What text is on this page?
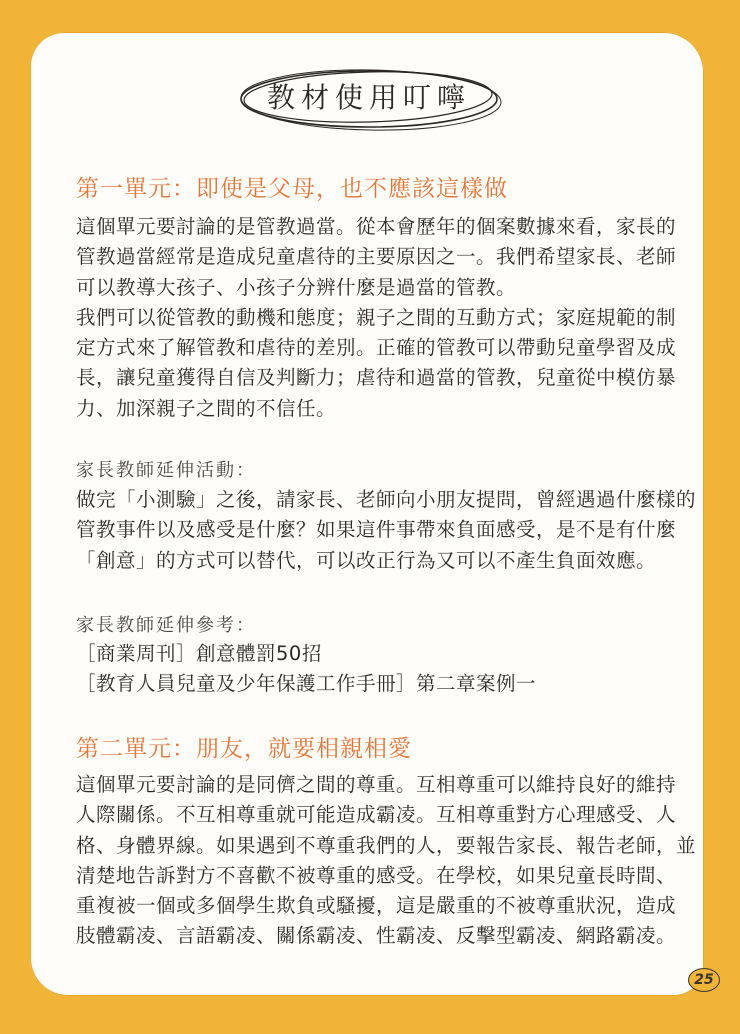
教材使用叮嚀
第一單元：即使是父母，也不應該這樣做

這個單元要討論的是管教過當。從本會歷年的個案數據來看，家長的

管教過當經常是造成兒童虐待的主要原因之一。我們希望家長、老師

可以教導大孩子、小孩子分辨什麼是過當的管教。

我們可以從管教的動機和態度；親子之間的互動方式；家庭規範的制

定方式來了解管教和虐待的差別。正確的管教可以帶動兒童學習及成

長，讓兒童獲得自信及判斷力；虐待和過當的管教，兒童從中模仿暴

力、加深親子之間的不信任。

家長教師延伸活動：

做完「小測驗」之後，請家長、老師向小朋友提問，曾經遇過什麼樣的

管教事件以及感受是什麼？如果這件事帶來負面感受，是不是有什麼

「創意」的方式可以替代，可以改正行為又可以不產生負面效應。

家長教師延伸參考：

［商業周刊］創意體罰50招

［教育人員兒童及少年保護工作手冊］第二章案例一

第二單元：朋友，就要相親相愛

這個單元要討論的是同儕之間的尊重。互相尊重可以維持良好的維持

人際關係。不互相尊重就可能造成霸凌。互相尊重對方心理感受、人

格、身體界線。如果遇到不尊重我們的人，要報告家長、報告老師，並

清楚地告訴對方不喜歡不被尊重的感受。在學校，如果兒童長時間、

重複被一個或多個學生欺負或騷擾，這是嚴重的不被尊重狀況，造成

肢體霸凌、言語霸凌、關係霸凌、性霸凌、反擊型霸凌、網路霸凌。

25
